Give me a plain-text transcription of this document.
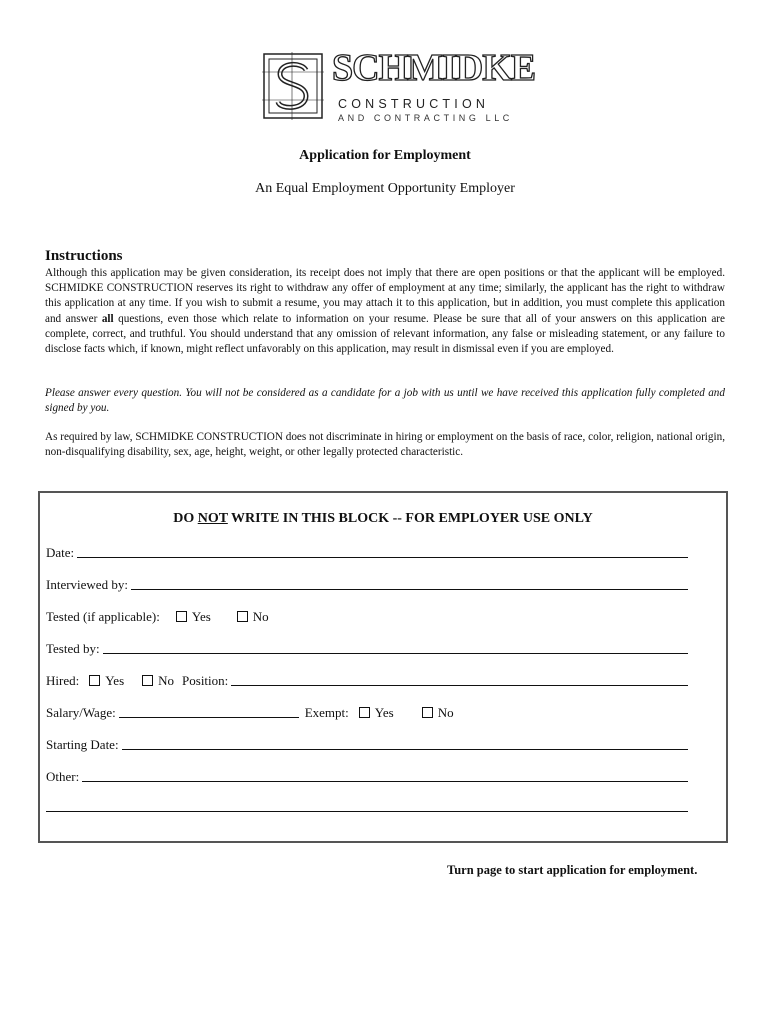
SCHMIDKE
CONSTRUCTION
AND CONTRACTING LLC
Application for Employment
An Equal Employment Opportunity Employer
Instructions

Although this application may be given consideration, its receipt does not imply that there are open positions or that the applicant will be employed. SCHMIDKE CONSTRUCTION reserves its right to withdraw any offer of employment at any time; similarly, the applicant has the right to withdraw this application at any time. If you wish to submit a resume, you may attach it to this application, but in addition, you must complete this application and answer all questions, even those which relate to information on your resume. Please be sure that all of your answers on this application are complete, correct, and truthful. You should understand that any omission of relevant information, any false or misleading statement, or any failure to disclose facts which, if known, might reflect unfavorably on this application, may result in dismissal even if you are employed.

Please answer every question. You will not be considered as a candidate for a job with us until we have received this application fully completed and signed by you.

As required by law, SCHMIDKE CONSTRUCTION does not discriminate in hiring or employment on the basis of race, color, religion, national origin, non-disqualifying disability, sex, age, height, weight, or other legally protected characteristic.

DO NOT WRITE IN THIS BLOCK -- FOR EMPLOYER USE ONLY
Date:
Interviewed by:
Tested (if applicable): Yes	No
Tested by:
Hired: Yes	No Position:
Salary/Wage:	Exempt: Yes	No
Starting Date:
Other:
Turn page to start application for employment.
